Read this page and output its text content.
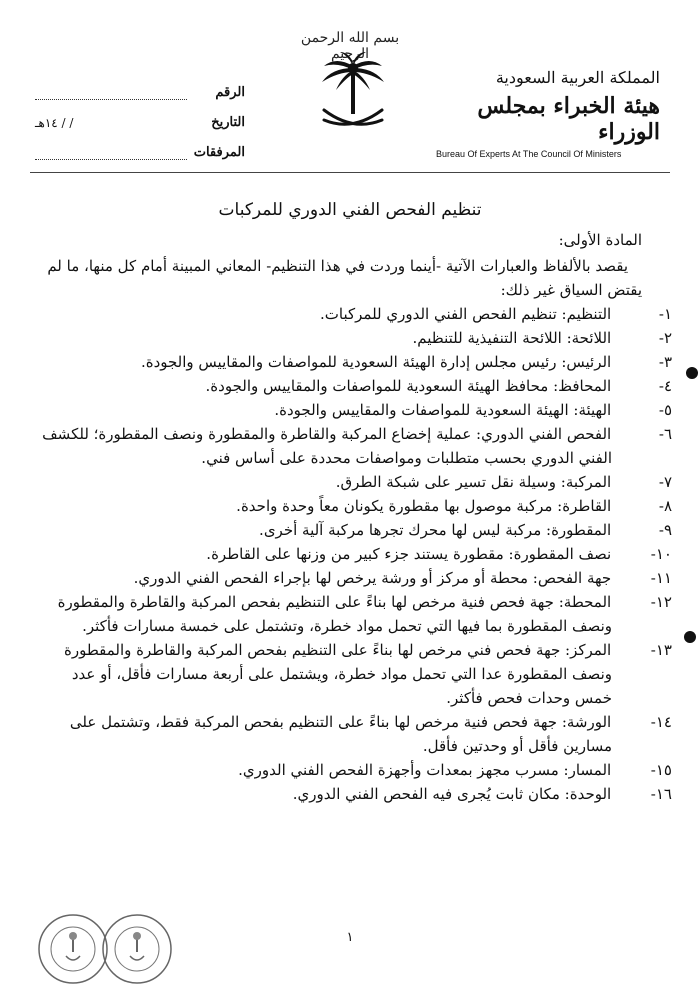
بسم الله الرحمن الرحيم
المملكة العربية السعودية
هيئة الخبراء بمجلس الوزراء
Bureau Of Experts At The Council Of Ministers
الرقم
التاريخ
/ / ١٤هـ
المرفقات
تنظيم الفحص الفني الدوري للمركبات

المادة الأولى:

يقصد بالألفاظ والعبارات الآتية -أينما وردت في هذا التنظيم- المعاني المبينة أمام كل منها، ما لم يقتض السياق غير ذلك:

١- التنظيم: تنظيم الفحص الفني الدوري للمركبات.

٢- اللائحة: اللائحة التنفيذية للتنظيم.

٣- الرئيس: رئيس مجلس إدارة الهيئة السعودية للمواصفات والمقاييس والجودة.

٤- المحافظ: محافظ الهيئة السعودية للمواصفات والمقاييس والجودة.

٥- الهيئة: الهيئة السعودية للمواصفات والمقاييس والجودة.

٦- الفحص الفني الدوري: عملية إخضاع المركبة والقاطرة والمقطورة ونصف المقطورة؛ للكشف الفني الدوري بحسب متطلبات ومواصفات محددة على أساس فني.

٧- المركبة: وسيلة نقل تسير على شبكة الطرق.

٨- القاطرة: مركبة موصول بها مقطورة يكونان معاً وحدة واحدة.

٩- المقطورة: مركبة ليس لها محرك تجرها مركبة آلية أخرى.

١٠- نصف المقطورة: مقطورة يستند جزء كبير من وزنها على القاطرة.

١١- جهة الفحص: محطة أو مركز أو ورشة يرخص لها بإجراء الفحص الفني الدوري.

١٢- المحطة: جهة فحص فنية مرخص لها بناءً على التنظيم بفحص المركبة والقاطرة والمقطورة ونصف المقطورة بما فيها التي تحمل مواد خطرة، وتشتمل على خمسة مسارات فأكثر.

١٣- المركز: جهة فحص فني مرخص لها بناءً على التنظيم بفحص المركبة والقاطرة والمقطورة ونصف المقطورة عدا التي تحمل مواد خطرة، ويشتمل على أربعة مسارات فأقل، أو عدد خمس وحدات فحص فأكثر.

١٤- الورشة: جهة فحص فنية مرخص لها بناءً على التنظيم بفحص المركبة فقط، وتشتمل على مسارين فأقل أو وحدتين فأقل.

١٥- المسار: مسرب مجهز بمعدات وأجهزة الفحص الفني الدوري.

١٦- الوحدة: مكان ثابت يُجرى فيه الفحص الفني الدوري.

١
